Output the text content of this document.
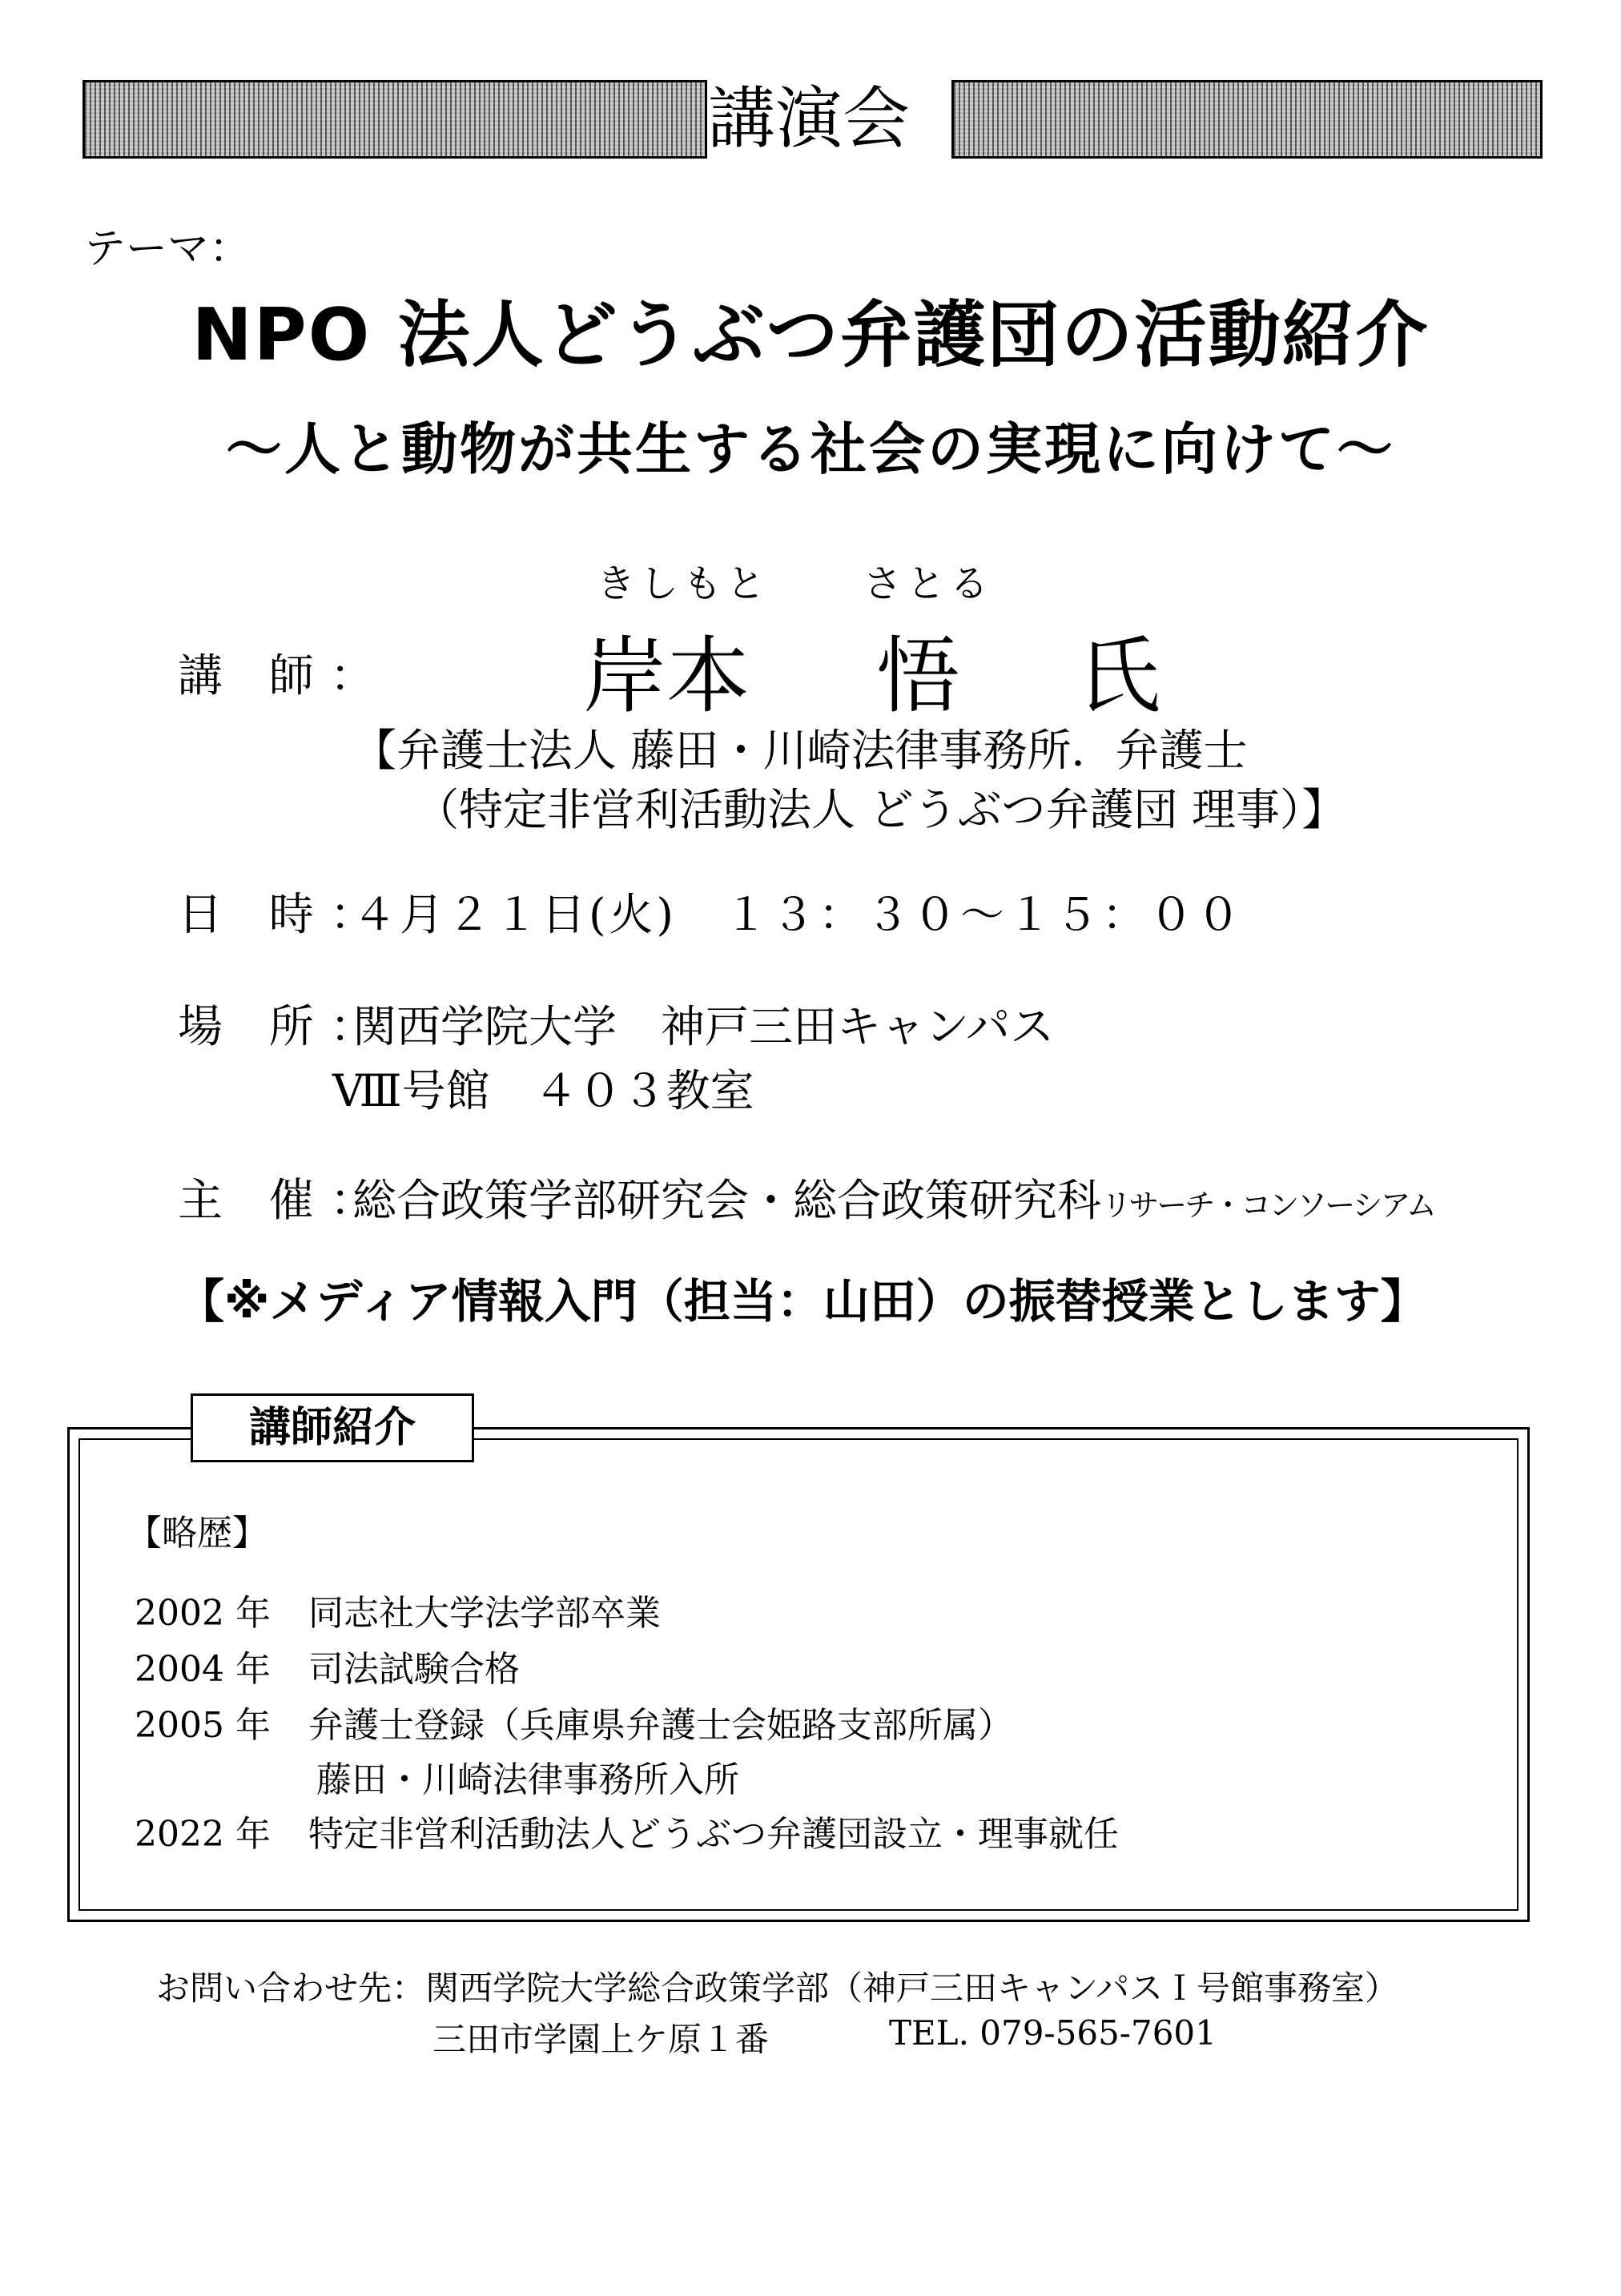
講演会
テーマ：
NPO 法人どうぶつ弁護団の活動紹介
〜人と動物が共生する社会の実現に向けて〜
きしもと さとる
講 師： 岸本 悟 氏
【弁護士法人 藤田・川崎法律事務所．弁護士
（特定非営利活動法人 どうぶつ弁護団 理事）】
日 時：
４月２１日(火)　１３：３０〜１５：００
場 所：
関西学院大学　神戸三田キャンパス
Ⅷ号館　４０３教室
主 催：
総合政策学部研究会・総合政策研究科リサーチ・コンソーシアム
【※メディア情報入門（担当：山田）の振替授業とします】
講師紹介
【略歴】
2002 年 同志社大学法学部卒業
2004 年 司法試験合格
2005 年 弁護士登録（兵庫県弁護士会姫路支部所属）
藤田・川崎法律事務所入所
2022 年 特定非営利活動法人どうぶつ弁護団設立・理事就任
お問い合わせ先：関西学院大学総合政策学部（神戸三田キャンパスＩ号館事務室）
三田市学園上ケ原１番	TEL. 079-565-7601
